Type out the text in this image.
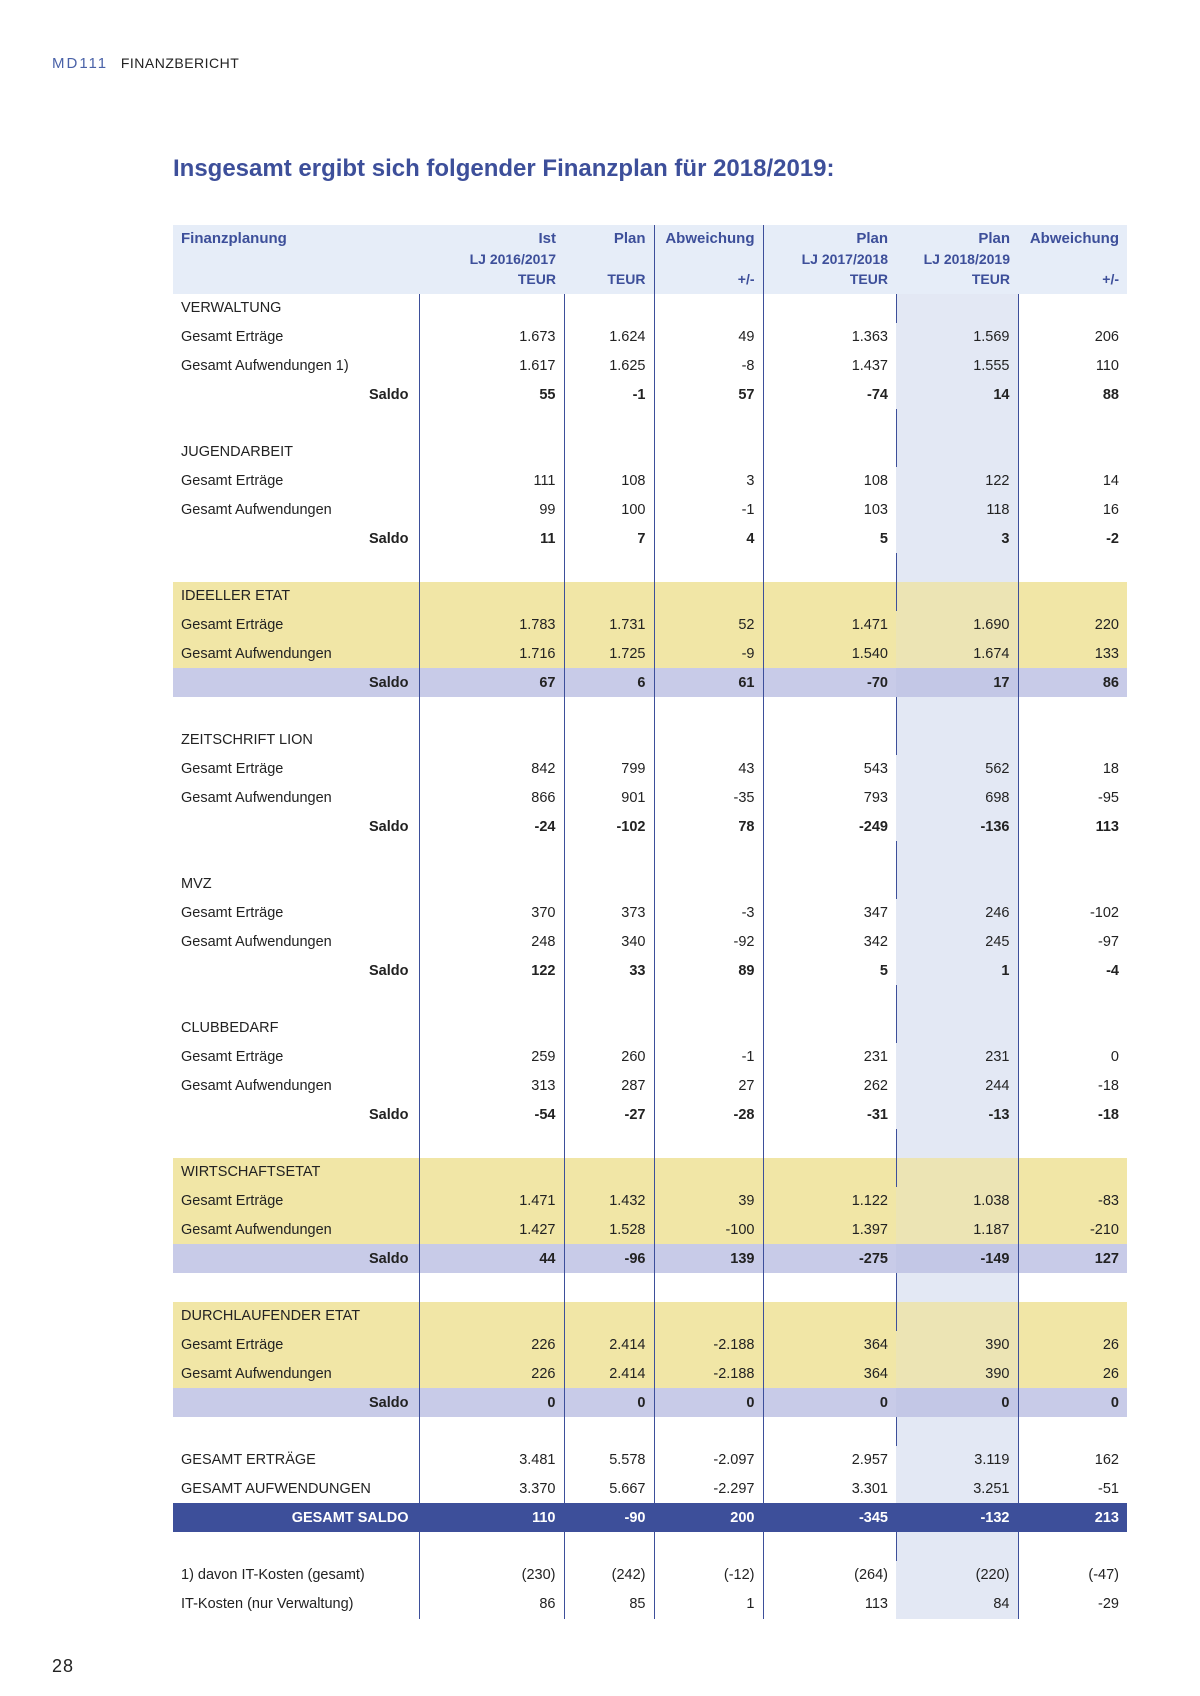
MD111 FINANZBERICHT
Insgesamt ergibt sich folgender Finanzplan für 2018/2019:
Finanzplanung	Ist	Plan	Abweichung	Plan	Plan	Abweichung
	LJ 2016/2017			LJ 2017/2018	LJ 2018/2019	
	TEUR	TEUR	+/-	TEUR	TEUR	+/-
VERWALTUNG						
Gesamt Erträge	1.673	1.624	49	1.363	1.569	206
Gesamt Aufwendungen 1)	1.617	1.625	-8	1.437	1.555	110
Saldo	55	-1	57	-74	14	88

JUGENDARBEIT						
Gesamt Erträge	111	108	3	108	122	14
Gesamt Aufwendungen	99	100	-1	103	118	16
Saldo	11	7	4	5	3	-2

IDEELLER ETAT						
Gesamt Erträge	1.783	1.731	52	1.471	1.690	220
Gesamt Aufwendungen	1.716	1.725	-9	1.540	1.674	133
Saldo	67	6	61	-70	17	86

ZEITSCHRIFT LION						
Gesamt Erträge	842	799	43	543	562	18
Gesamt Aufwendungen	866	901	-35	793	698	-95
Saldo	-24	-102	78	-249	-136	113

MVZ						
Gesamt Erträge	370	373	-3	347	246	-102
Gesamt Aufwendungen	248	340	-92	342	245	-97
Saldo	122	33	89	5	1	-4

CLUBBEDARF						
Gesamt Erträge	259	260	-1	231	231	0
Gesamt Aufwendungen	313	287	27	262	244	-18
Saldo	-54	-27	-28	-31	-13	-18

WIRTSCHAFTSETAT						
Gesamt Erträge	1.471	1.432	39	1.122	1.038	-83
Gesamt Aufwendungen	1.427	1.528	-100	1.397	1.187	-210
Saldo	44	-96	139	-275	-149	127

DURCHLAUFENDER ETAT						
Gesamt Erträge	226	2.414	-2.188	364	390	26
Gesamt Aufwendungen	226	2.414	-2.188	364	390	26
Saldo	0	0	0	0	0	0

GESAMT ERTRÄGE	3.481	5.578	-2.097	2.957	3.119	162
GESAMT AUFWENDUNGEN	3.370	5.667	-2.297	3.301	3.251	-51
GESAMT SALDO	110	-90	200	-345	-132	213

1) davon IT-Kosten (gesamt)	(230)	(242)	(-12)	(264)	(220)	(-47)
IT-Kosten (nur Verwaltung)	86	85	1	113	84	-29
28
